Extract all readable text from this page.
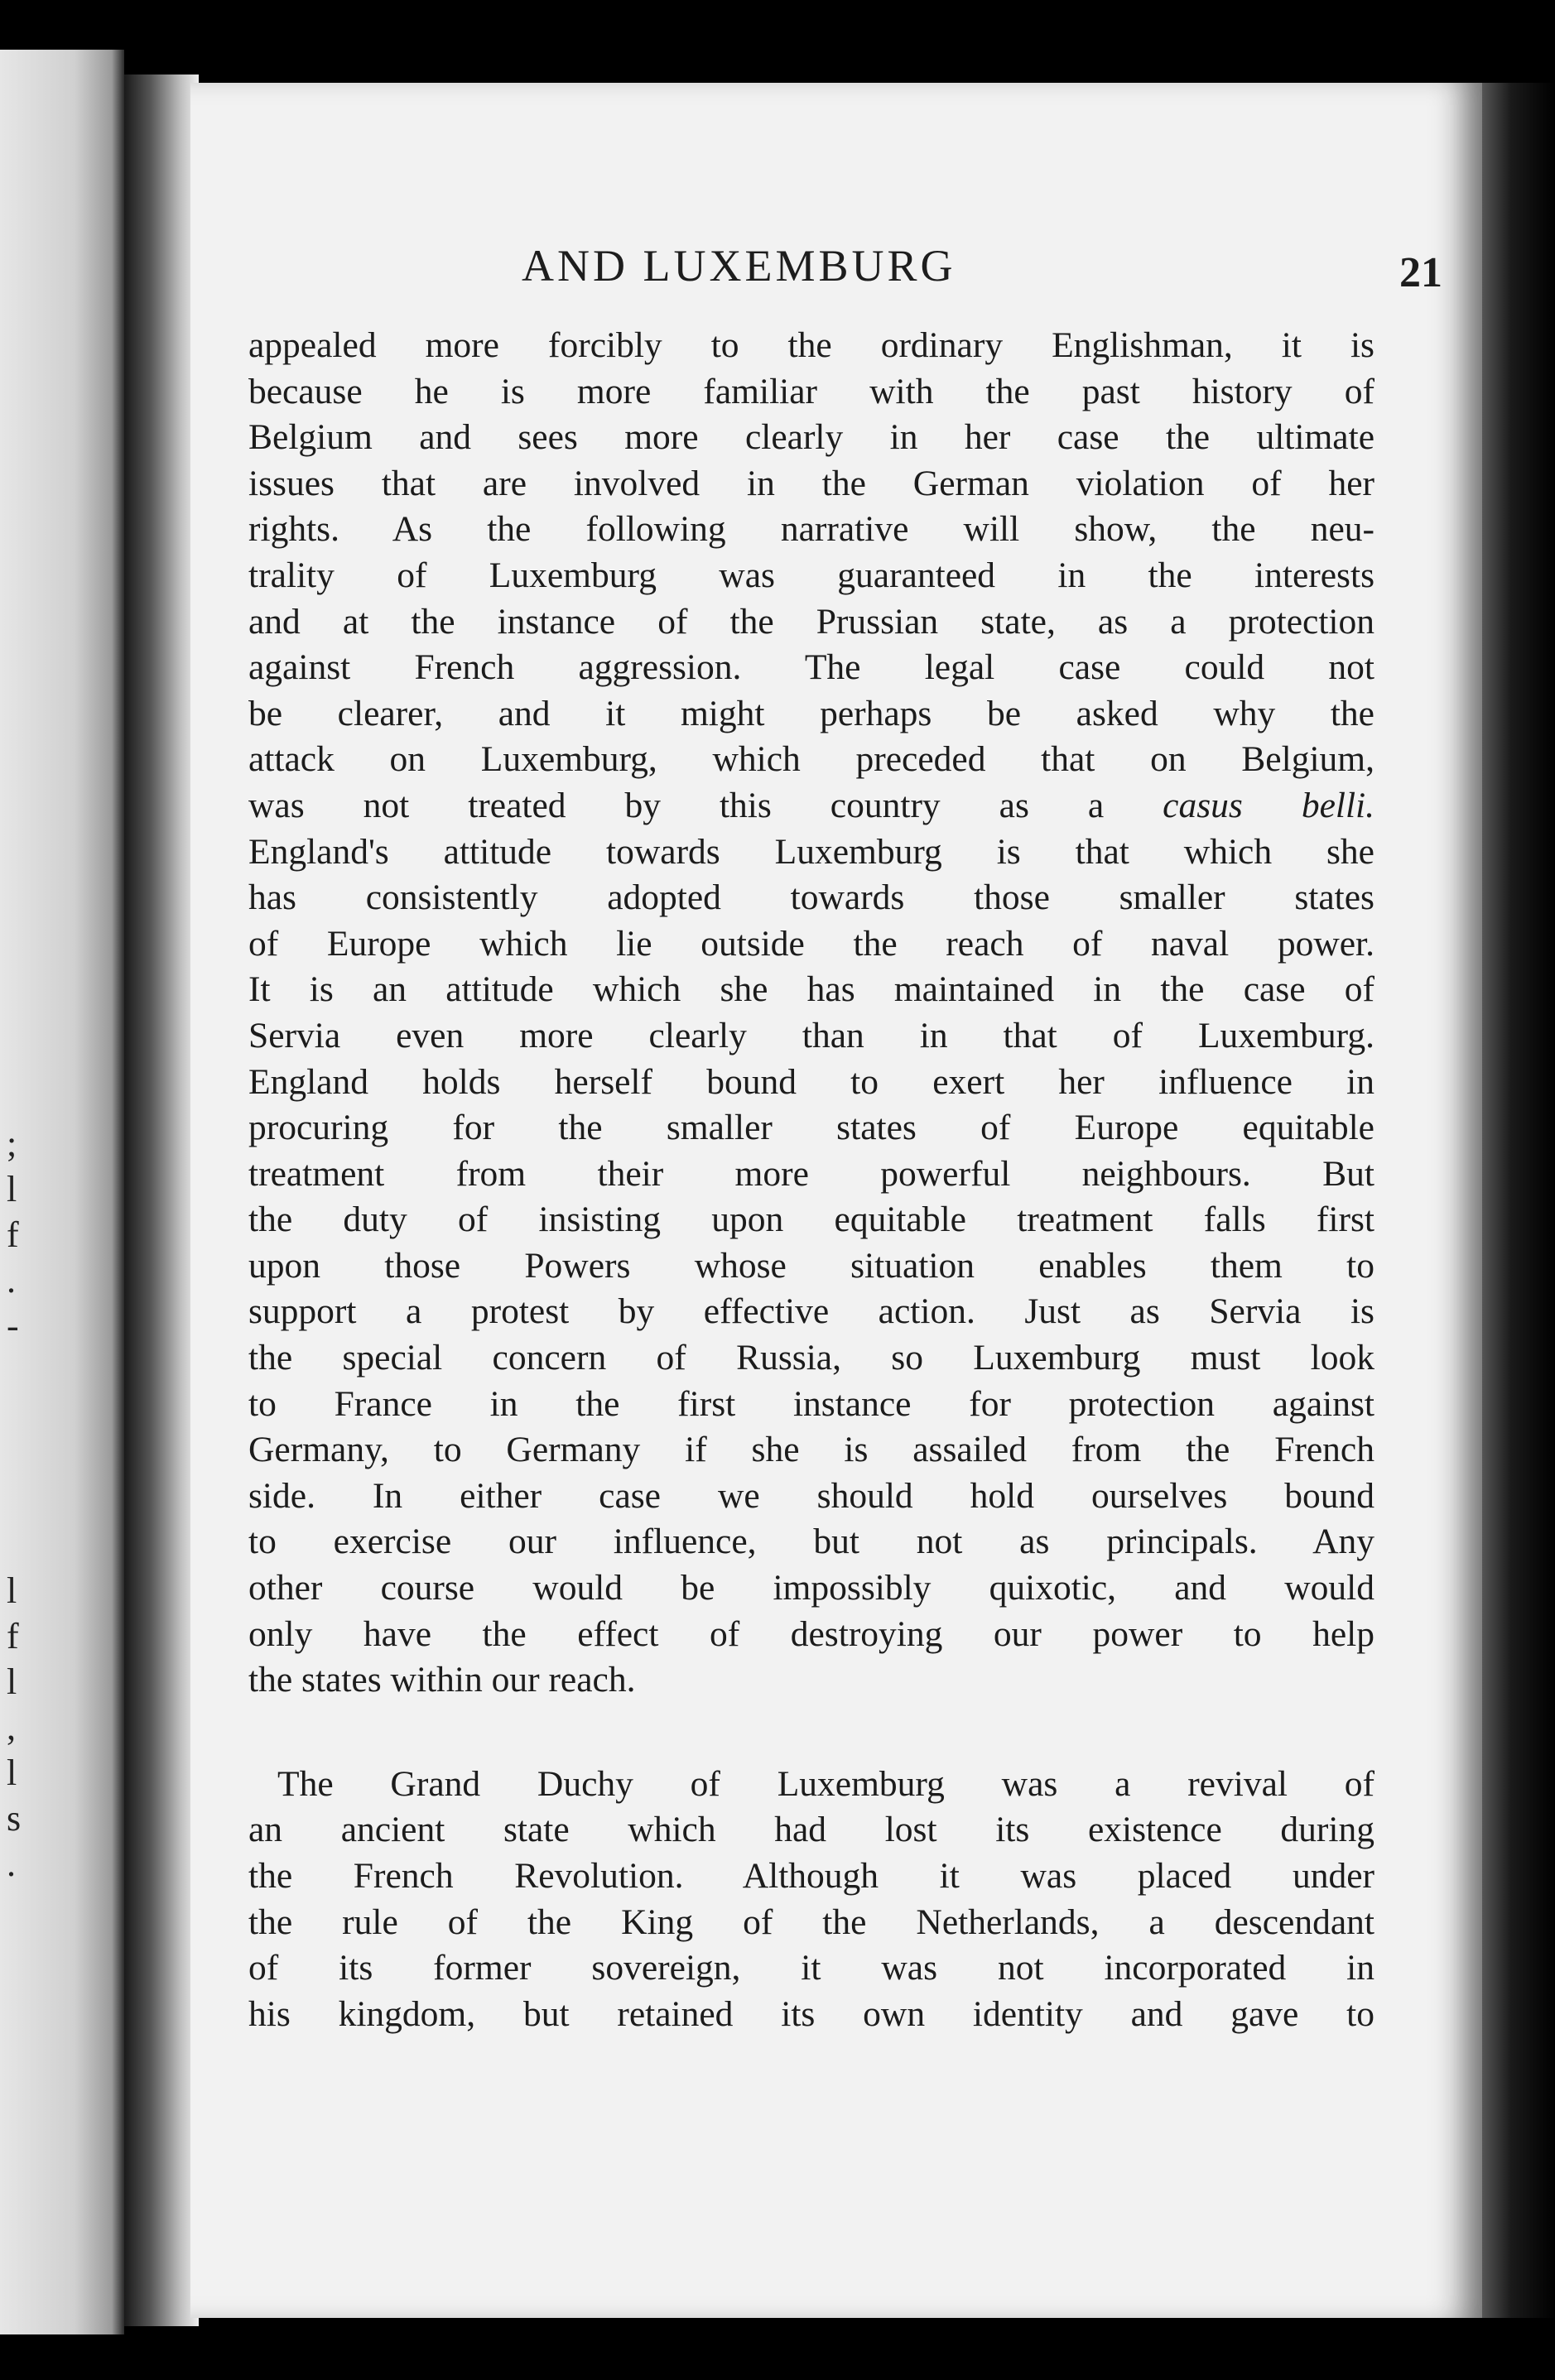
;
l
f
.
-
l
f
l
,
l
s
.
AND LUXEMBURG	21

appealed more forcibly to the ordinary Englishman, it is
because he is more familiar with the past history of
Belgium and sees more clearly in her case the ultimate
issues that are involved in the German violation of her
rights. As the following narrative will show, the neu-
trality of Luxemburg was guaranteed in the interests
and at the instance of the Prussian state, as a protection
against French aggression. The legal case could not
be clearer, and it might perhaps be asked why the
attack on Luxemburg, which preceded that on Belgium,
was not treated by this country as a casus belli.
England's attitude towards Luxemburg is that which she
has consistently adopted towards those smaller states
of Europe which lie outside the reach of naval power.
It is an attitude which she has maintained in the case of
Servia even more clearly than in that of Luxemburg.
England holds herself bound to exert her influence in
procuring for the smaller states of Europe equitable
treatment from their more powerful neighbours. But
the duty of insisting upon equitable treatment falls first
upon those Powers whose situation enables them to
support a protest by effective action. Just as Servia is
the special concern of Russia, so Luxemburg must look
to France in the first instance for protection against
Germany, to Germany if she is assailed from the French
side. In either case we should hold ourselves bound
to exercise our influence, but not as principals. Any
other course would be impossibly quixotic, and would
only have the effect of destroying our power to help
the states within our reach.

The Grand Duchy of Luxemburg was a revival of
an ancient state which had lost its existence during
the French Revolution. Although it was placed under
the rule of the King of the Netherlands, a descendant
of its former sovereign, it was not incorporated in
his kingdom, but retained its own identity and gave to
